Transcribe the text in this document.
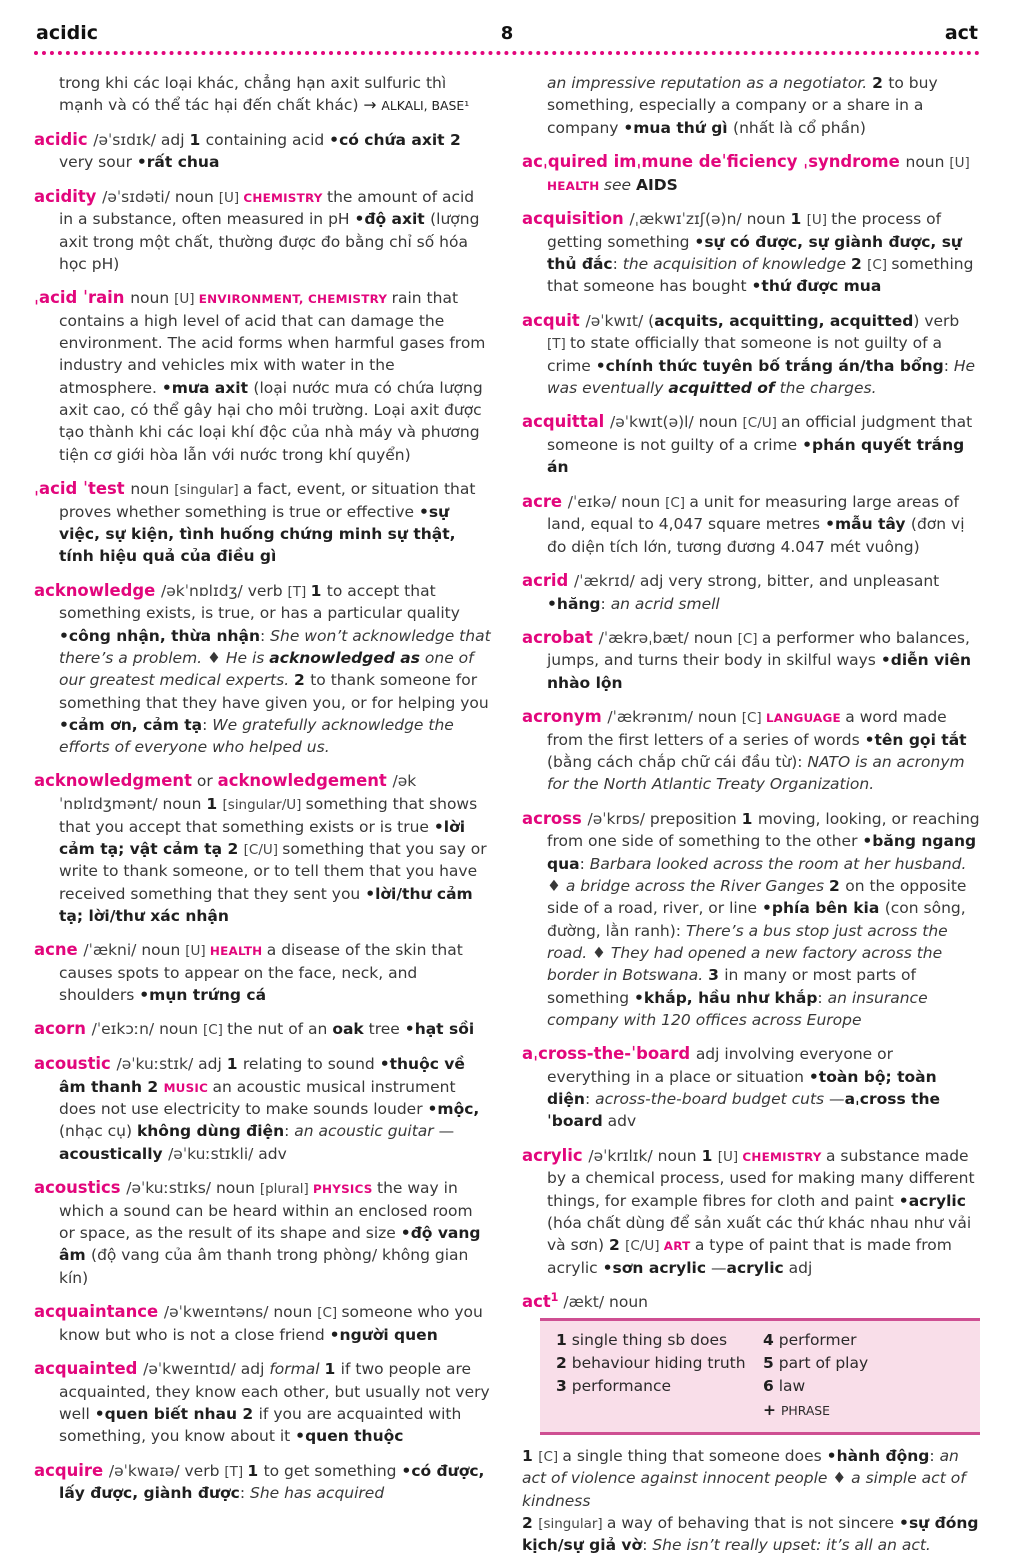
acidic	8	act
trong khi các loại khác, chẳng hạn axit sulfuric thì mạnh và có thể tác hại đến chất khác) → ALKALI, BASE¹
acidic /əˈsɪdɪk/ adj 1 containing acid •có chứa axit 2 very sour •rất chua
acidity /əˈsɪdəti/ noun [U] CHEMISTRY the amount of acid in a substance, often measured in pH •độ axit (lượng axit trong một chất, thường được đo bằng chỉ số hóa học pH)
ˌacid ˈrain noun [U] ENVIRONMENT, CHEMISTRY rain that contains a high level of acid that can damage the environment. The acid forms when harmful gases from industry and vehicles mix with water in the atmosphere. •mưa axit (loại nước mưa có chứa lượng axit cao, có thể gây hại cho môi trường. Loại axit được tạo thành khi các loại khí độc của nhà máy và phương tiện cơ giới hòa lẫn với nước trong khí quyển)
ˌacid ˈtest noun [singular] a fact, event, or situation that proves whether something is true or effective •sự việc, sự kiện, tình huống chứng minh sự thật, tính hiệu quả của điều gì
acknowledge /əkˈnɒlɪdʒ/ verb [T] 1 to accept that something exists, is true, or has a particular quality •công nhận, thừa nhận: She won’t acknowledge that there’s a problem. ♦ He is acknowledged as one of our greatest medical experts. 2 to thank someone for something that they have given you, or for helping you •cảm ơn, cảm tạ: We gratefully acknowledge the efforts of everyone who helped us.
acknowledgment or acknowledgement /əkˈnɒlɪdʒmənt/ noun 1 [singular/U] something that shows that you accept that something exists or is true •lời cảm tạ; vật cảm tạ 2 [C/U] something that you say or write to thank someone, or to tell them that you have received something that they sent you •lời/thư cảm tạ; lời/thư xác nhận
acne /ˈækni/ noun [U] HEALTH a disease of the skin that causes spots to appear on the face, neck, and shoulders •mụn trứng cá
acorn /ˈeɪkɔːn/ noun [C] the nut of an oak tree •hạt sồi
acoustic /əˈkuːstɪk/ adj 1 relating to sound •thuộc về âm thanh 2 MUSIC an acoustic musical instrument does not use electricity to make sounds louder •mộc, (nhạc cụ) không dùng điện: an acoustic guitar —acoustically /əˈkuːstɪkli/ adv
acoustics /əˈkuːstɪks/ noun [plural] PHYSICS the way in which a sound can be heard within an enclosed room or space, as the result of its shape and size •độ vang âm (độ vang của âm thanh trong phòng/ không gian kín)
acquaintance /əˈkweɪntəns/ noun [C] someone who you know but who is not a close friend •người quen
acquainted /əˈkweɪntɪd/ adj formal 1 if two people are acquainted, they know each other, but usually not very well •quen biết nhau 2 if you are acquainted with something, you know about it •quen thuộc
acquire /əˈkwaɪə/ verb [T] 1 to get something •có được, lấy được, giành được: She has acquired
an impressive reputation as a negotiator. 2 to buy something, especially a company or a share in a company •mua thứ gì (nhất là cổ phần)
acˌquired imˌmune deˈficiency ˌsyndrome noun [U] HEALTH see AIDS
acquisition /ˌækwɪˈzɪʃ(ə)n/ noun 1 [U] the process of getting something •sự có được, sự giành được, sự thủ đắc: the acquisition of knowledge 2 [C] something that someone has bought •thứ được mua
acquit /əˈkwɪt/ (acquits, acquitting, acquitted) verb [T] to state officially that someone is not guilty of a crime •chính thức tuyên bố trắng án/tha bổng: He was eventually acquitted of the charges.
acquittal /əˈkwɪt(ə)l/ noun [C/U] an official judgment that someone is not guilty of a crime •phán quyết trắng án
acre /ˈeɪkə/ noun [C] a unit for measuring large areas of land, equal to 4,047 square metres •mẫu tây (đơn vị đo diện tích lớn, tương đương 4.047 mét vuông)
acrid /ˈækrɪd/ adj very strong, bitter, and unpleasant •hăng: an acrid smell
acrobat /ˈækrəˌbæt/ noun [C] a performer who balances, jumps, and turns their body in skilful ways •diễn viên nhào lộn
acronym /ˈækrənɪm/ noun [C] LANGUAGE a word made from the first letters of a series of words •tên gọi tắt (bằng cách chắp chữ cái đầu từ): NATO is an acronym for the North Atlantic Treaty Organization.
across /əˈkrɒs/ preposition 1 moving, looking, or reaching from one side of something to the other •băng ngang qua: Barbara looked across the room at her husband. ♦ a bridge across the River Ganges 2 on the opposite side of a road, river, or line •phía bên kia (con sông, đường, lằn ranh): There’s a bus stop just across the road. ♦ They had opened a new factory across the border in Botswana. 3 in many or most parts of something •khắp, hầu như khắp: an insurance company with 120 offices across Europe
aˌcross-the-ˈboard adj involving everyone or everything in a place or situation •toàn bộ; toàn diện: across-the-board budget cuts —aˌcross the ˈboard adv
acrylic /əˈkrɪlɪk/ noun 1 [U] CHEMISTRY a substance made by a chemical process, used for making many different things, for example fibres for cloth and paint •acrylic (hóa chất dùng để sản xuất các thứ khác nhau như vải và sơn) 2 [C/U] ART a type of paint that is made from acrylic •sơn acrylic —acrylic adj
act$^1$ /ækt/ noun
1 single thing sb does
2 behaviour hiding truth
3 performance
4 performer
5 part of play
6 law
+ PHRASE
1 [C] a single thing that someone does •hành động: an act of violence against innocent people ♦ a simple act of kindness
2 [singular] a way of behaving that is not sincere •sự đóng kịch/sự giả vờ: She isn’t really upset: it’s all an act.
